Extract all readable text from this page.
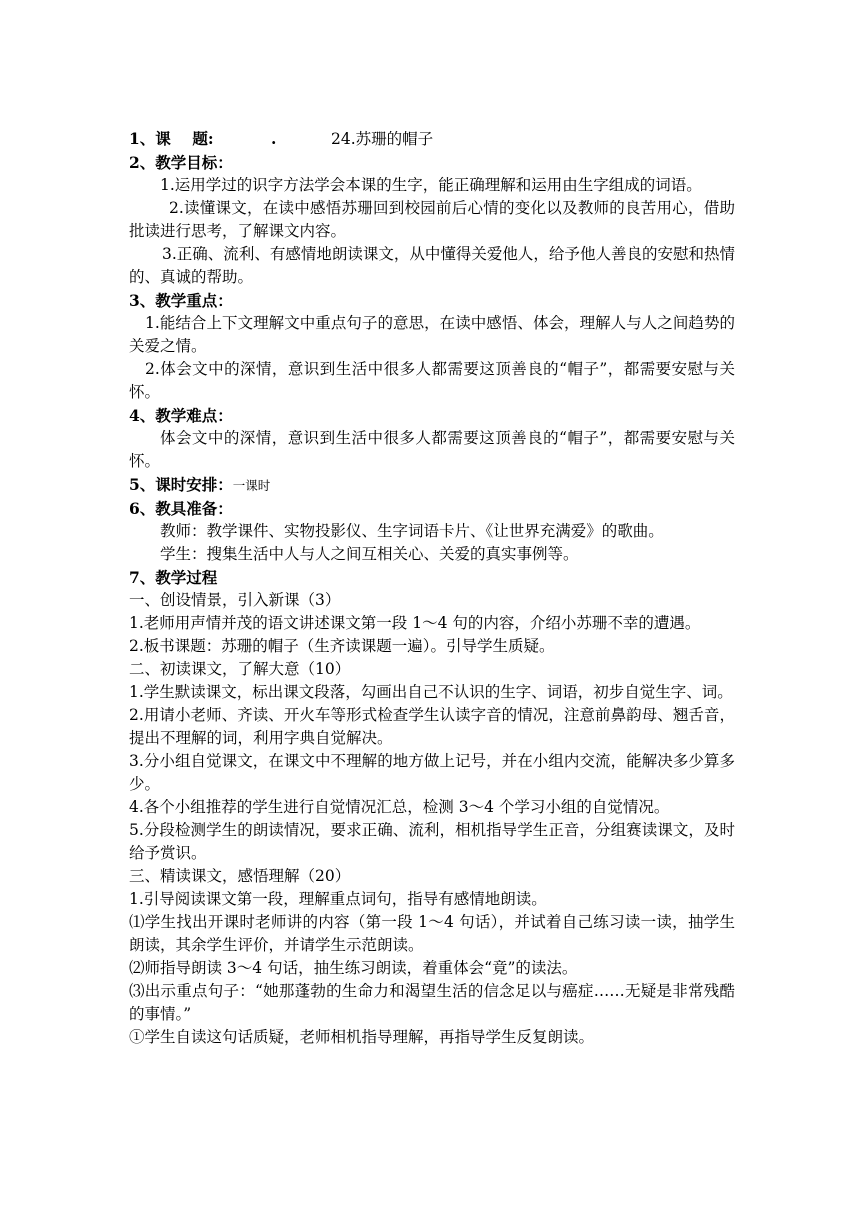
1、课    题:	.	24.苏珊的帽子

2、教学目标：

1.运用学过的识字方法学会本课的生字，能正确理解和运用由生字组成的词语。

2.读懂课文，在读中感悟苏珊回到校园前后心情的变化以及教师的良苦用心，借助批读进行思考，了解课文内容。

3.正确、流利、有感情地朗读课文，从中懂得关爱他人，给予他人善良的安慰和热情的、真诚的帮助。

3、教学重点：

1.能结合上下文理解文中重点句子的意思，在读中感悟、体会，理解人与人之间趋势的关爱之情。

2.体会文中的深情，意识到生活中很多人都需要这顶善良的“帽子”，都需要安慰与关怀。

4、教学难点：

体会文中的深情，意识到生活中很多人都需要这顶善良的“帽子”，都需要安慰与关怀。

5、课时安排：一课时

6、教具准备：

教师：教学课件、实物投影仪、生字词语卡片、《让世界充满爱》的歌曲。

学生：搜集生活中人与人之间互相关心、关爱的真实事例等。

7、教学过程

一、创设情景，引入新课（3）

1.老师用声情并茂的语文讲述课文第一段 1～4 句的内容，介绍小苏珊不幸的遭遇。

2.板书课题：苏珊的帽子（生齐读课题一遍）。引导学生质疑。

二、初读课文，了解大意（10）

1.学生默读课文，标出课文段落，勾画出自己不认识的生字、词语，初步自觉生字、词。

2.用请小老师、齐读、开火车等形式检查学生认读字音的情况，注意前鼻韵母、翘舌音，提出不理解的词，利用字典自觉解决。

3.分小组自觉课文，在课文中不理解的地方做上记号，并在小组内交流，能解决多少算多少。

4.各个小组推荐的学生进行自觉情况汇总，检测 3～4 个学习小组的自觉情况。

5.分段检测学生的朗读情况，要求正确、流利，相机指导学生正音，分组赛读课文，及时给予赏识。

三、精读课文，感悟理解（20）

1.引导阅读课文第一段，理解重点词句，指导有感情地朗读。

⑴学生找出开课时老师讲的内容（第一段 1～4 句话），并试着自己练习读一读，抽学生朗读，其余学生评价，并请学生示范朗读。

⑵师指导朗读 3～4 句话，抽生练习朗读，着重体会“竟”的读法。

⑶出示重点句子：“她那蓬勃的生命力和渴望生活的信念足以与癌症……无疑是非常残酷的事情。”

①学生自读这句话质疑，老师相机指导理解，再指导学生反复朗读。
